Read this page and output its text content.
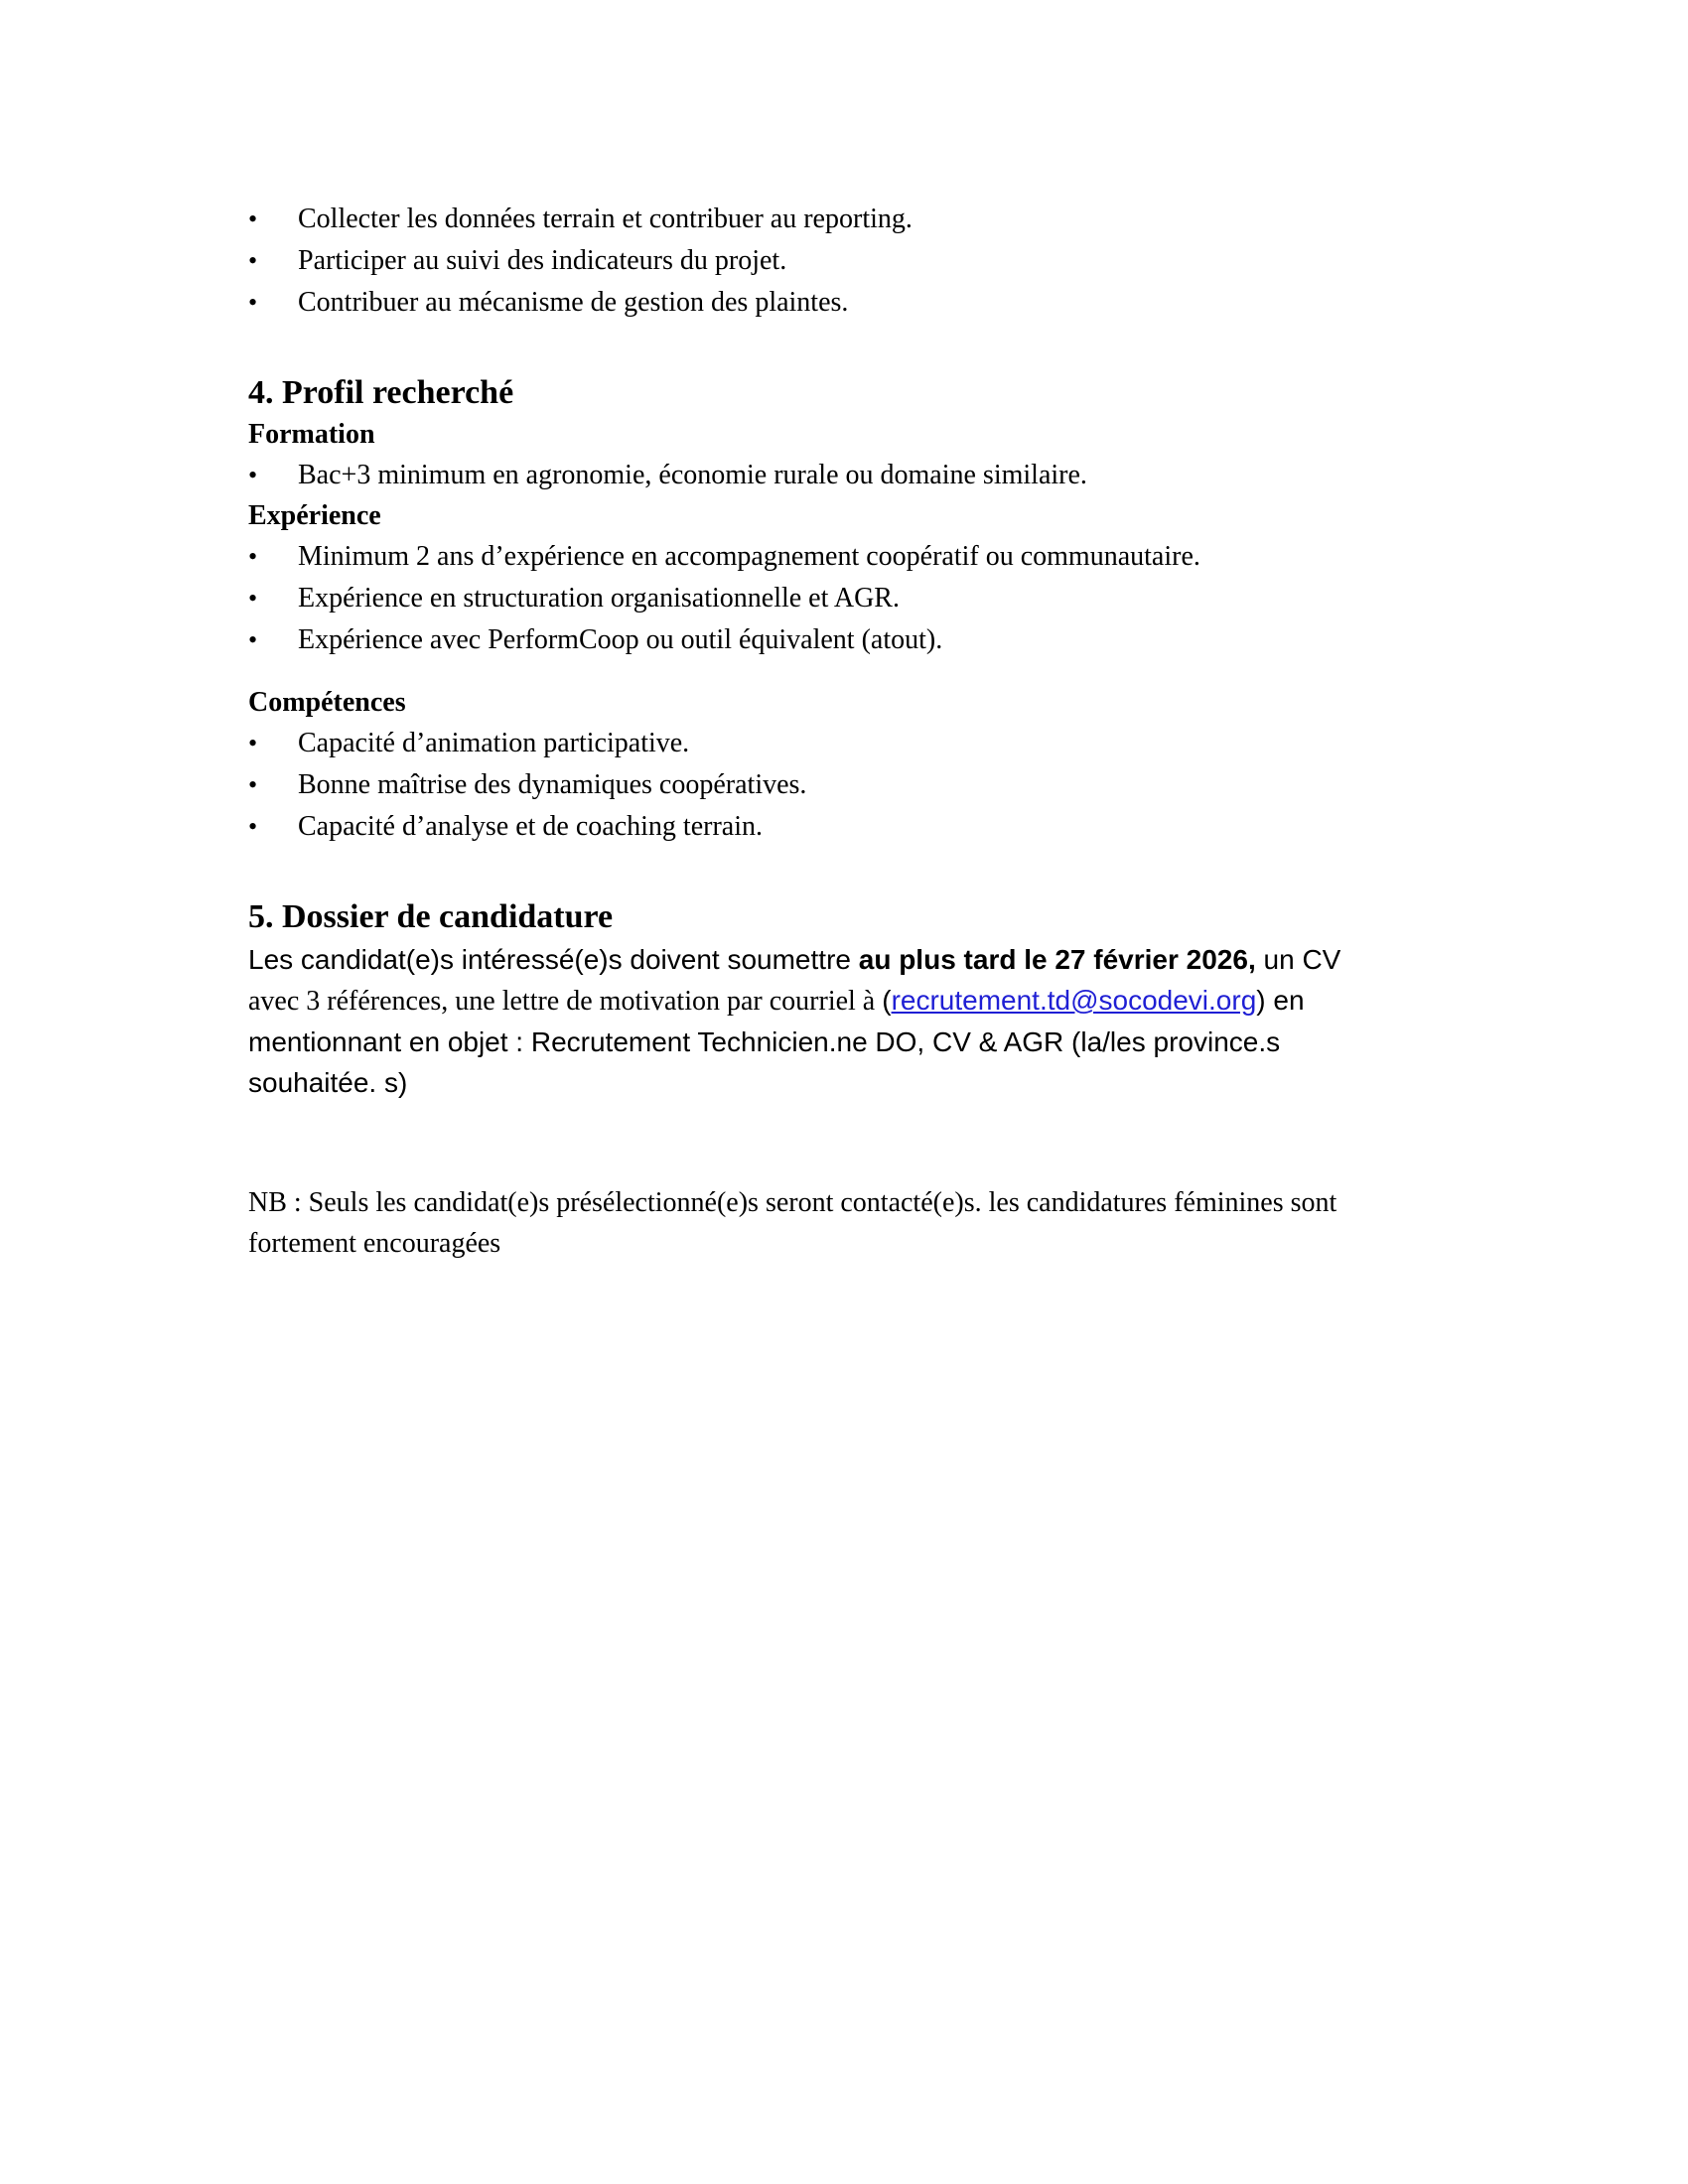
•	Collecter les données terrain et contribuer au reporting.
•	Participer au suivi des indicateurs du projet.
•	Contribuer au mécanisme de gestion des plaintes.
4. Profil recherché
Formation
•	Bac+3 minimum en agronomie, économie rurale ou domaine similaire.
Expérience
•	Minimum 2 ans d’expérience en accompagnement coopératif ou communautaire.
•	Expérience en structuration organisationnelle et AGR.
•	Expérience avec PerformCoop ou outil équivalent (atout).
Compétences
•	Capacité d’animation participative.
•	Bonne maîtrise des dynamiques coopératives.
•	Capacité d’analyse et de coaching terrain.
5. Dossier de candidature

Les candidat(e)s intéressé(e)s doivent soumettre au plus tard le 27 février 2026, un CV
avec 3 références, une lettre de motivation par courriel à (recrutement.td@socodevi.org) en
mentionnant en objet : Recrutement Technicien.ne DO, CV & AGR (la/les province.s
souhaitée. s)

NB : Seuls les candidat(e)s présélectionné(e)s seront contacté(e)s. les candidatures féminines sont
fortement encouragées
